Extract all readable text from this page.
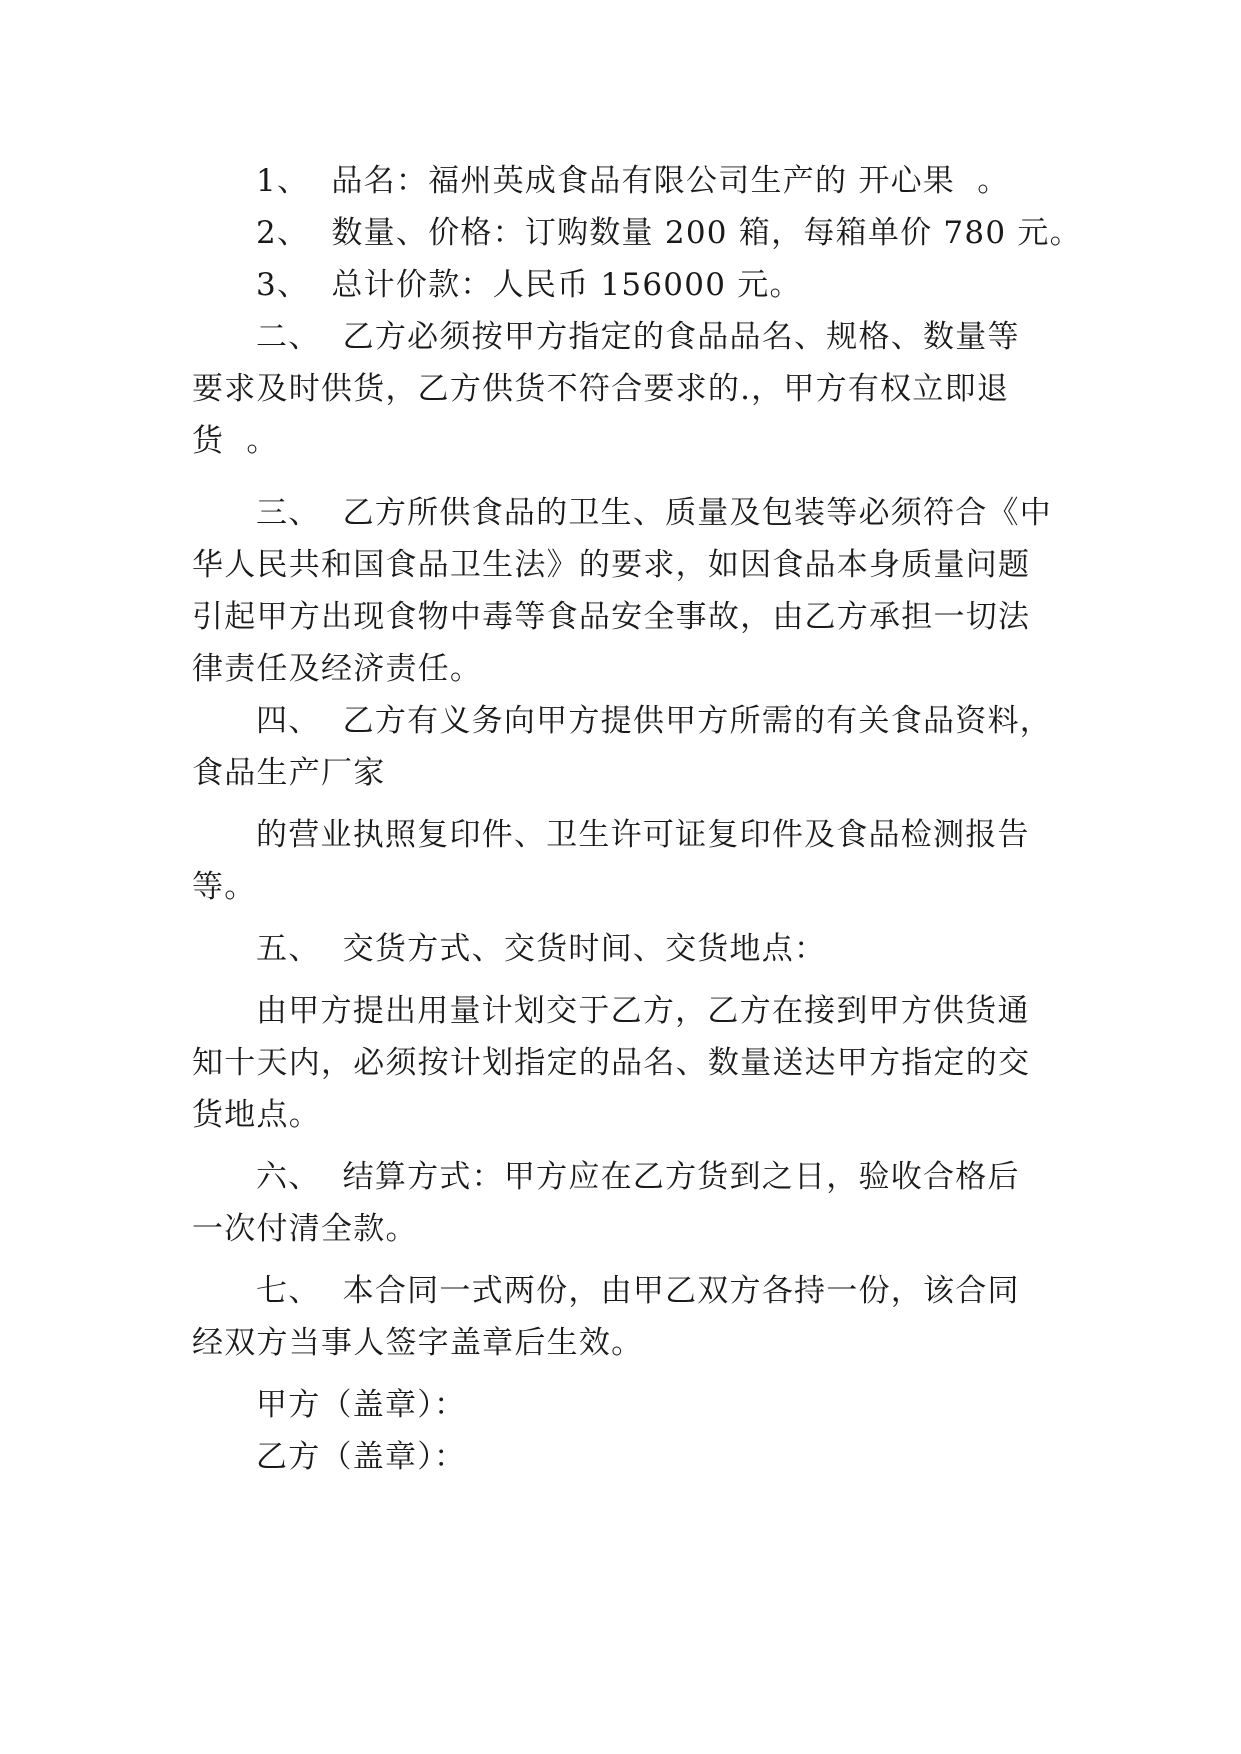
1、  品名：福州英成食品有限公司生产的 开心果  。
2、  数量、价格：订购数量 200 箱，每箱单价 780 元。
3、  总计价款：人民币 156000 元。
二、  乙方必须按甲方指定的食品品名、规格、数量等
要求及时供货，乙方供货不符合要求的.，甲方有权立即退
货  。
三、  乙方所供食品的卫生、质量及包装等必须符合《中
华人民共和国食品卫生法》的要求，如因食品本身质量问题
引起甲方出现食物中毒等食品安全事故，由乙方承担一切法
律责任及经济责任。
四、  乙方有义务向甲方提供甲方所需的有关食品资料，
食品生产厂家
的营业执照复印件、卫生许可证复印件及食品检测报告
等。
五、  交货方式、交货时间、交货地点：
由甲方提出用量计划交于乙方，乙方在接到甲方供货通
知十天内，必须按计划指定的品名、数量送达甲方指定的交
货地点。
六、  结算方式：甲方应在乙方货到之日，验收合格后
一次付清全款。
七、  本合同一式两份，由甲乙双方各持一份，该合同
经双方当事人签字盖章后生效。
甲方（盖章）：
乙方（盖章）：
